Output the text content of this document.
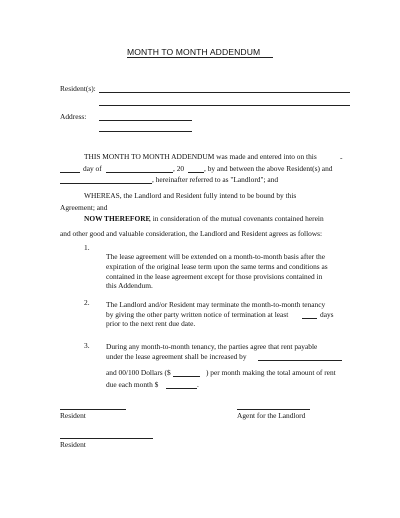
MONTH TO MONTH ADDENDUM
Resident(s):
Address:
THIS MONTH TO MONTH ADDENDUM was made and entered into on this	-
day of	, 20	, by and between the above Resident(s) and
, hereinafter referred to as "Landlord"; and
WHEREAS, the Landlord and Resident fully intend to be bound by this
Agreement; and
NOW THEREFORE
, in consideration of the mutual covenants contained herein
and other good and valuable consideration, the Landlord and Resident agrees as follows:
1.
The lease agreement will be extended on a month-to-month basis after the
expiration of the original lease term upon the same terms and conditions as
contained in the lease agreement except for those provisions contained in
this Addendum.
2. The Landlord and/or Resident may terminate the month-to-month tenancy
by giving the other party written notice of termination at least	days
prior to the next rent due date.
3. During any month-to-month tenancy, the parties agree that rent payable
under the lease agreement shall be increased by
and 00/100 Dollars ($	) per month making the total amount of rent
due each month $	.
Resident	Agent for the Landlord
Resident
